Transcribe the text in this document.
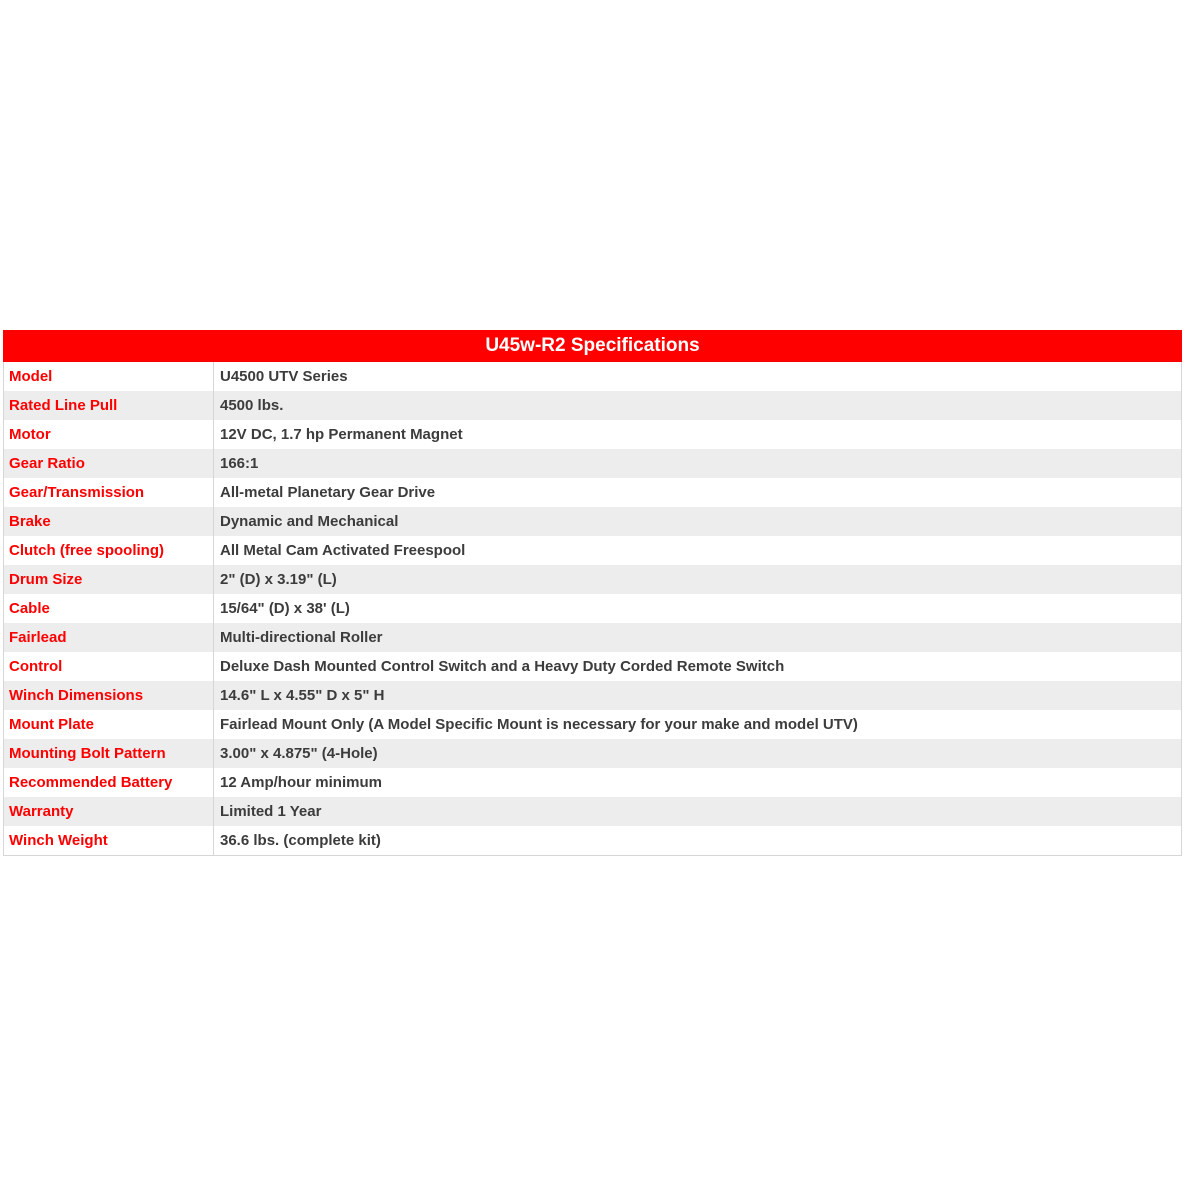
U45w-R2 Specifications
Model	U4500 UTV Series
Rated Line Pull	4500 lbs.
Motor	12V DC, 1.7 hp Permanent Magnet
Gear Ratio	166:1
Gear/Transmission	All-metal Planetary Gear Drive
Brake	Dynamic and Mechanical
Clutch (free spooling)	All Metal Cam Activated Freespool
Drum Size	2" (D) x 3.19" (L)
Cable	15/64" (D) x 38' (L)
Fairlead	Multi-directional Roller
Control	Deluxe Dash Mounted Control Switch and a Heavy Duty Corded Remote Switch
Winch Dimensions	14.6" L x 4.55" D x 5" H
Mount Plate	Fairlead Mount Only (A Model Specific Mount is necessary for your make and model UTV)
Mounting Bolt Pattern	3.00" x 4.875" (4-Hole)
Recommended Battery	12 Amp/hour minimum
Warranty	Limited 1 Year
Winch Weight	36.6 lbs. (complete kit)
